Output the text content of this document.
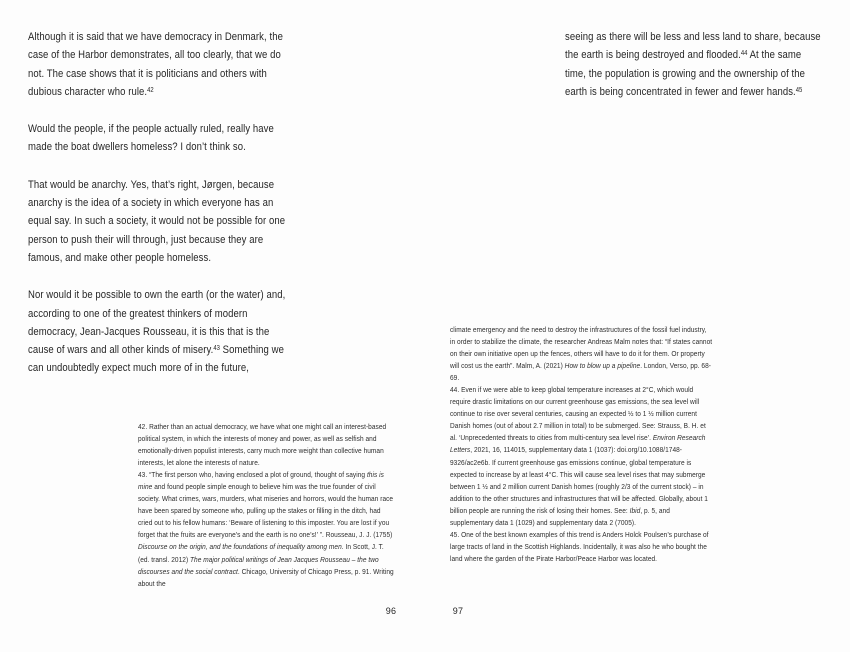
Although it is said that we have democracy in Denmark, the case of the Harbor demonstrates, all too clearly, that we do not. The case shows that it is politicians and others with dubious character who rule.$^{42}$

Would the people, if the people actually ruled, really have made the boat dwellers homeless? I don’t think so.

That would be anarchy. Yes, that’s right, Jørgen, because anarchy is the idea of a society in which everyone has an equal say. In such a society, it would not be possible for one person to push their will through, just because they are famous, and make other people homeless.

Nor would it be possible to own the earth (or the water) and, according to one of the greatest thinkers of modern democracy, Jean-Jacques Rousseau, it is this that is the cause of wars and all other kinds of misery.$^{43}$ Something we can undoubtedly expect much more of in the future,

seeing as there will be less and less land to share, because the earth is being destroyed and flooded.$^{44}$ At the same time, the population is growing and the ownership of the earth is being concentrated in fewer and fewer hands.$^{45}$

42. Rather than an actual democracy, we have what one might call an interest-based political system, in which the interests of money and power, as well as selfish and emotionally-driven populist interests, carry much more weight than collective human interests, let alone the interests of nature.

43. “The first person who, having enclosed a plot of ground, thought of saying this is mine and found people simple enough to believe him was the true founder of civil society. What crimes, wars, murders, what miseries and horrors, would the human race have been spared by someone who, pulling up the stakes or filling in the ditch, had cried out to his fellow humans: ‘Beware of listening to this imposter. You are lost if you forget that the fruits are everyone’s and the earth is no one’s!’ ”. Rousseau, J. J. (1755) Discourse on the origin, and the foundations of inequality among men. In Scott, J. T. (ed. transl. 2012) The major political writings of Jean Jacques Rousseau – the two discourses and the social contract. Chicago, University of Chicago Press, p. 91. Writing about the

climate emergency and the need to destroy the infrastructures of the fossil fuel industry, in order to stabilize the climate, the researcher Andreas Malm notes that: “If states cannot on their own initiative open up the fences, others will have to do it for them. Or property will cost us the earth”. Malm, A. (2021) How to blow up a pipeline. London, Verso, pp. 68-69.

44. Even if we were able to keep global temperature increases at 2°C, which would require drastic limitations on our current greenhouse gas emissions, the sea level will continue to rise over several centuries, causing an expected ½ to 1 ½ million current Danish homes (out of about 2.7 million in total) to be submerged. See: Strauss, B. H. et al. ‘Unprecedented threats to cities from multi-century sea level rise’. Environ Research Letters, 2021, 16, 114015, supplementary data 1 (1037): doi.org/10.1088/1748-9326/ac2e6b. If current greenhouse gas emissions continue, global temperature is expected to increase by at least 4°C. This will cause sea level rises that may submerge between 1 ½ and 2 million current Danish homes (roughly 2/3 of the current stock) – in addition to the other structures and infrastructures that will be affected. Globally, about 1 billion people are running the risk of losing their homes. See: Ibid, p. 5, and supplementary data 1 (1029) and supplementary data 2 (7005).

45. One of the best known examples of this trend is Anders Holck Poulsen’s purchase of large tracts of land in the Scottish Highlands. Incidentally, it was also he who bought the land where the garden of the Pirate Harbor/Peace Harbor was located.

96	97
